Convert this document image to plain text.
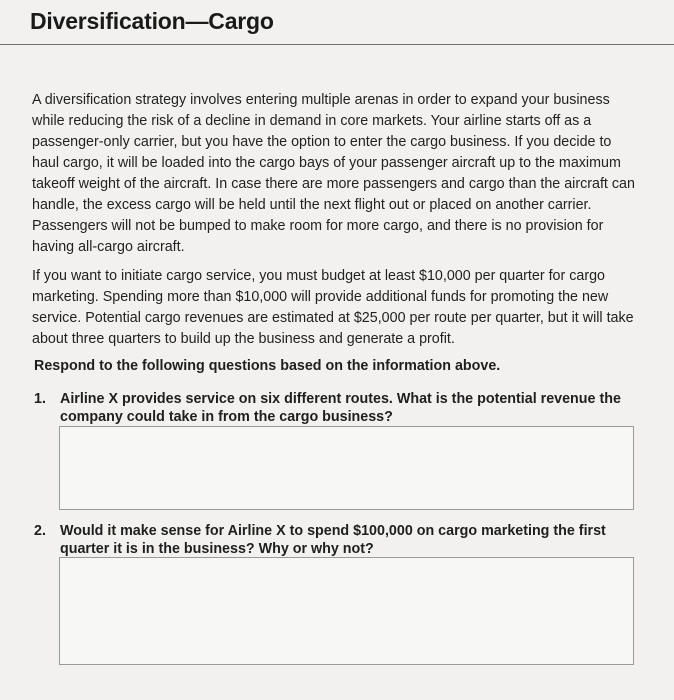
Diversification—Cargo

A diversification strategy involves entering multiple arenas in order to expand your business while reducing the risk of a decline in demand in core markets. Your airline starts off as a passenger-only carrier, but you have the option to enter the cargo business. If you decide to haul cargo, it will be loaded into the cargo bays of your passenger aircraft up to the maximum takeoff weight of the aircraft. In case there are more passengers and cargo than the aircraft can handle, the excess cargo will be held until the next flight out or placed on another carrier. Passengers will not be bumped to make room for more cargo, and there is no provision for having all-cargo aircraft.

If you want to initiate cargo service, you must budget at least $10,000 per quarter for cargo marketing. Spending more than $10,000 will provide additional funds for promoting the new service. Potential cargo revenues are estimated at $25,000 per route per quarter, but it will take about three quarters to build up the business and generate a profit.

Respond to the following questions based on the information above.
1. Airline X provides service on six different routes. What is the potential revenue the company could take in from the cargo business?
2. Would it make sense for Airline X to spend $100,000 on cargo marketing the first quarter it is in the business? Why or why not?
